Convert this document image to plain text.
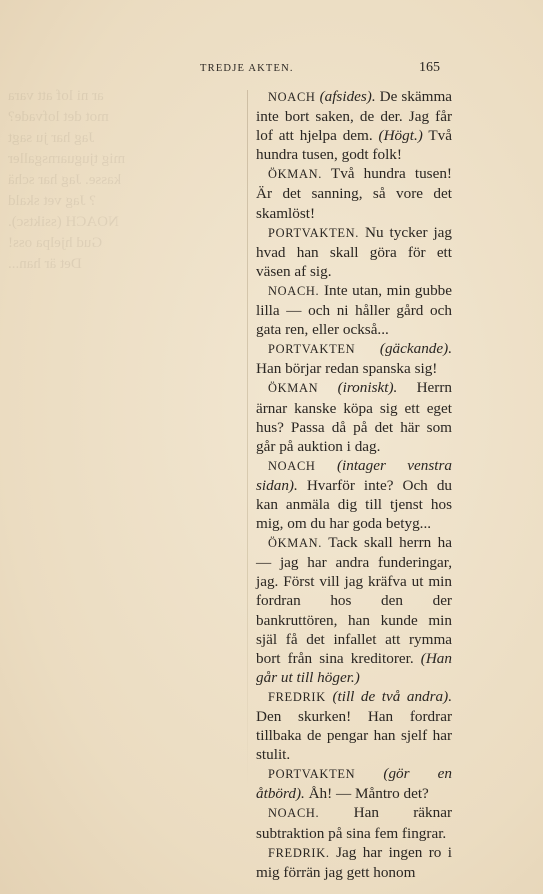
ar ni lof att vara
mot det lofvade?
Jag har ju sagt
mig tjuguarnsgaller
kasse. Jag har schä
? Jag vet skald
NOACH (ssiktsc).
Gud hjelpa oss!
Det är han...
TREDJE AKTEN.	165

NOACH (afsides). De skämma inte bort saken, de der. Jag får lof att hjelpa dem. (Högt.) Två hundra tusen, godt folk!

ÖKMAN. Två hundra tusen! Är det sanning, så vore det skamlöst!

PORTVAKTEN. Nu tycker jag hvad han skall göra för ett väsen af sig.

NOACH. Inte utan, min gubbe lilla — och ni håller gård och gata ren, eller också...

PORTVAKTEN (gäckande). Han börjar redan spanska sig!

ÖKMAN (ironiskt). Herrn ärnar kanske köpa sig ett eget hus? Passa då på det här som går på auktion i dag.

NOACH (intager venstra sidan). Hvarför inte? Och du kan anmäla dig till tjenst hos mig, om du har goda betyg...

ÖKMAN. Tack skall herrn ha — jag har andra funderingar, jag. Först vill jag kräfva ut min fordran hos den der bankruttören, han kunde min själ få det infallet att rymma bort från sina kreditorer. (Han går ut till höger.)

FREDRIK (till de två andra). Den skurken! Han fordrar tillbaka de pengar han sjelf har stulit.

PORTVAKTEN (gör en åtbörd). Åh! — Måntro det?

NOACH. Han räknar subtraktion på sina fem fingrar.

FREDRIK. Jag har ingen ro i mig förrän jag gett honom
